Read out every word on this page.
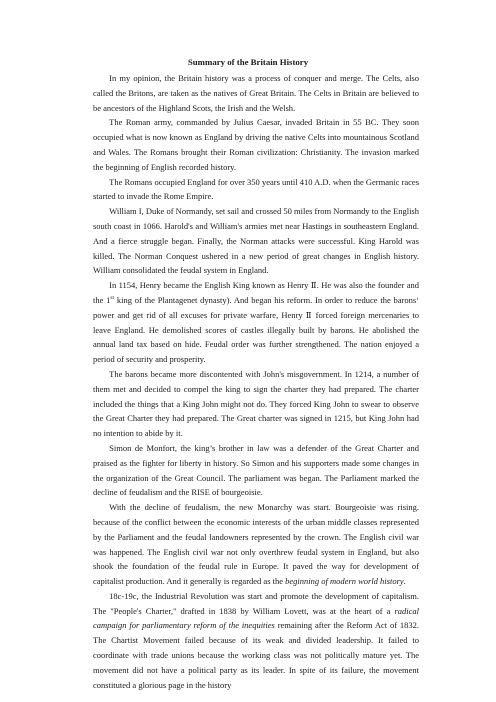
Summary of the Britain History

In my opinion, the Britain history was a process of conquer and merge. The Celts, also called the Britons, are taken as the natives of Great Britain. The Celts in Britain are believed to be ancestors of the Highland Scots, the Irish and the Welsh.

The Roman army, commanded by Julius Caesar, invaded Britain in 55 BC. They soon occupied what is now known as England by driving the native Celts into mountainous Scotland and Wales. The Romans brought their Roman civilization: Christianity. The invasion marked the beginning of English recorded history.

The Romans occupied England for over 350 years until 410 A.D. when the Germanic races started to invade the Rome Empire.

William I, Duke of Normandy, set sail and crossed 50 miles from Normandy to the English south coast in 1066. Harold's and William's armies met near Hastings in southeastern England. And a fierce struggle began. Finally, the Norman attacks were successful. King Harold was killed. The Norman Conquest ushered in a new period of great changes in English history. William consolidated the feudal system in England.

In 1154, Henry became the English King known as Henry Ⅱ. He was also the founder and the 1st king of the Plantagenet dynasty). And began his reform. In order to reduce the barons‘ power and get rid of all excuses for private warfare, Henry Ⅱ forced foreign mercenaries to leave England. He demolished scores of castles illegally built by barons. He abolished the annual land tax based on hide. Feudal order was further strengthened. The nation enjoyed a period of security and prosperity.

The barons became more discontented with John's misgovernment. In 1214, a number of them met and decided to compel the king to sign the charter they had prepared. The charter included the things that a King John might not do. They forced King John to swear to observe the Great Charter they had prepared. The Great charter was signed in 1215, but King John had no intention to abide by it.

Simon de Monfort, the king’s brother in law was a defender of the Great Charter and praised as the fighter for liberty in history. So Simon and his supporters made some changes in the organization of the Great Council. The parliament was began. The Parliament marked the decline of feudalism and the RISE of bourgeoisie.

With the decline of feudalism, the new Monarchy was start. Bourgeoisie was rising. because of the conflict between the economic interests of the urban middle classes represented by the Parliament and the feudal landowners represented by the crown. The English civil war was happened. The English civil war not only overthrew feudal system in England, but also shook the foundation of the feudal rule in Europe. It paved the way for development of capitalist production. And it generally is regarded as the beginning of modern world history.

18c-19c, the Industrial Revolution was start and promote the development of capitalism. The "People's Charter," drafted in 1838 by William Lovett, was at the heart of a radical campaign for parliamentary reform of the inequities remaining after the Reform Act of 1832. The Chartist Movement failed because of its weak and divided leadership. It failed to coordinate with trade unions because the working class was not politically mature yet. The movement did not have a political party as its leader. In spite of its failure, the movement constituted a glorious page in the history
